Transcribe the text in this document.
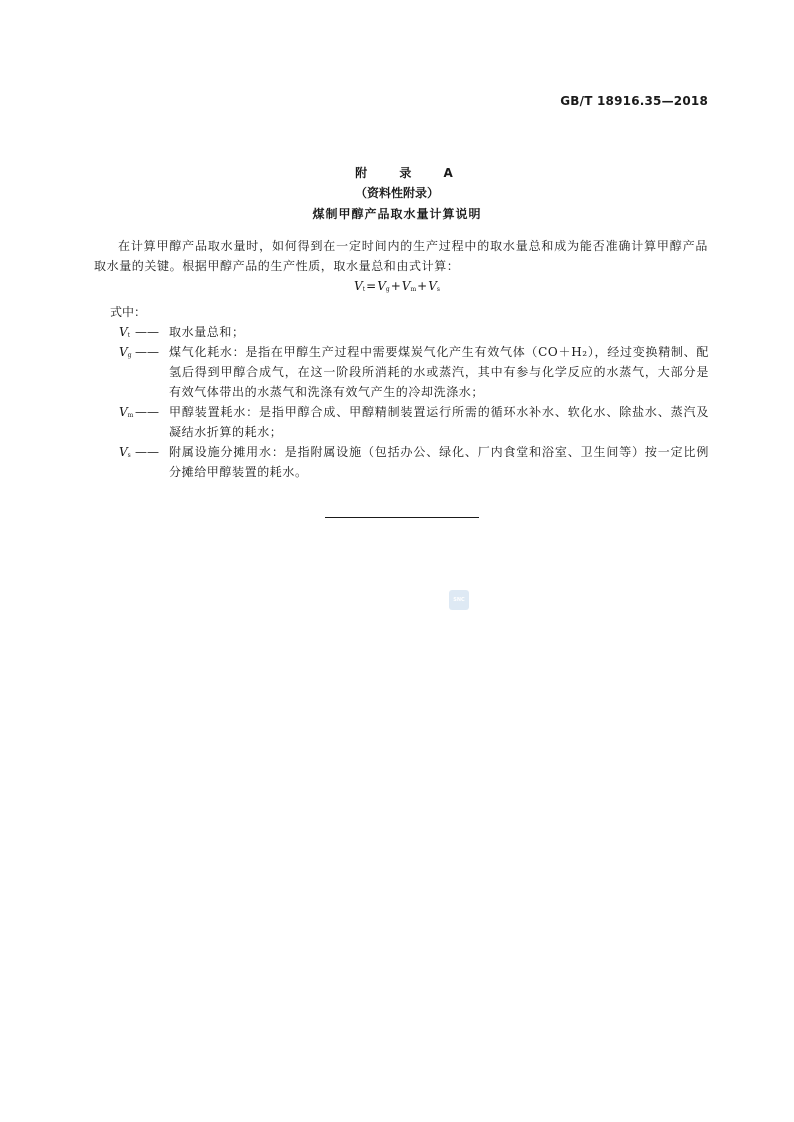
GB/T 18916.35—2018
附 录 A
（资料性附录）
煤制甲醇产品取水量计算说明
在计算甲醇产品取水量时，如何得到在一定时间内的生产过程中的取水量总和成为能否准确计算甲醇产品取水量的关键。根据甲醇产品的生产性质，取水量总和由式计算：
$V_t=V_g+V_m+V_s$
式中：
$V_t$ —— 取水量总和；
$V_g$ —— 煤气化耗水：是指在甲醇生产过程中需要煤炭气化产生有效气体（CO＋H₂），经过变换精制、配氢后得到甲醇合成气，在这一阶段所消耗的水或蒸汽，其中有参与化学反应的水蒸气，大部分是有效气体带出的水蒸气和洗涤有效气产生的冷却洗涤水；
$V_m$ —— 甲醇装置耗水：是指甲醇合成、甲醇精制装置运行所需的循环水补水、软化水、除盐水、蒸汽及凝结水折算的耗水；
$V_s$ —— 附属设施分摊用水：是指附属设施（包括办公、绿化、厂内食堂和浴室、卫生间等）按一定比例分摊给甲醇装置的耗水。
SNC
